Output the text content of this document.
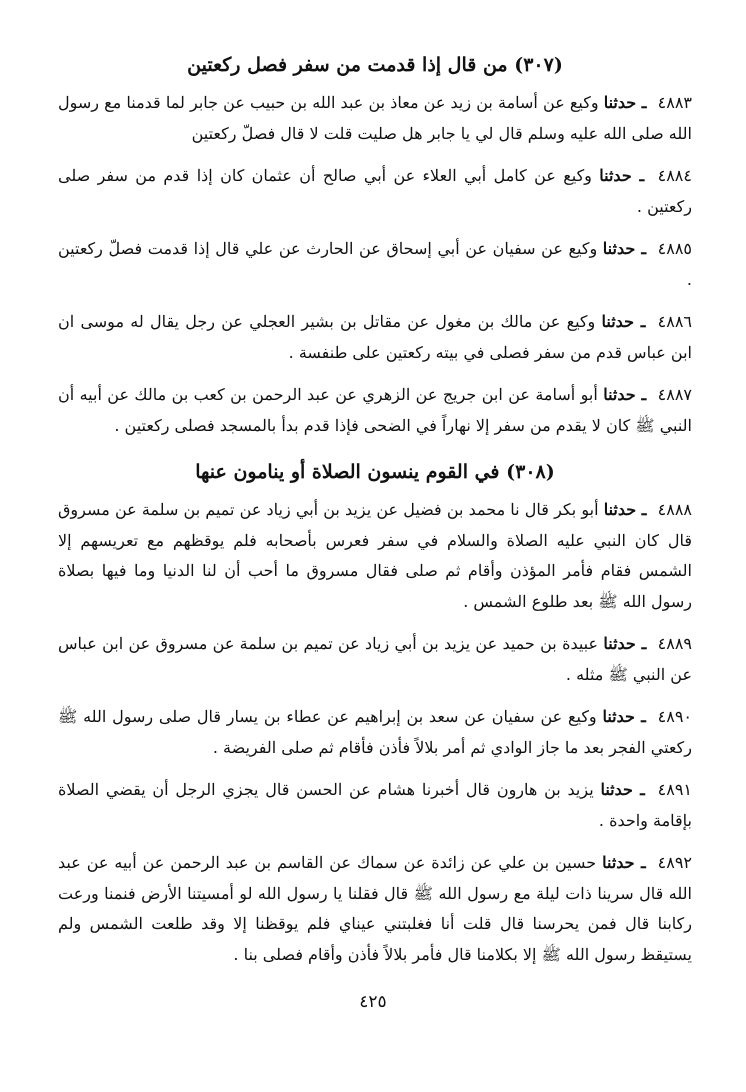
(٣٠٧) من قال إذا قدمت من سفر فصل ركعتين

٤٨٨٣ ـ حدثنا وكيع عن أسامة بن زيد عن معاذ بن عبد الله بن حبيب عن جابر لما قدمنا مع رسول الله صلى الله عليه وسلم قال لي يا جابر هل صليت قلت لا قال فصلّ ركعتين

٤٨٨٤ ـ حدثنا وكيع عن كامل أبي العلاء عن أبي صالح أن عثمان كان إذا قدم من سفر صلى ركعتين .

٤٨٨٥ ـ حدثنا وكيع عن سفيان عن أبي إسحاق عن الحارث عن علي قال إذا قدمت فصلّ ركعتين .

٤٨٨٦ ـ حدثنا وكيع عن مالك بن مغول عن مقاتل بن بشير العجلي عن رجل يقال له موسى ان ابن عباس قدم من سفر فصلى في بيته ركعتين على طنفسة .

٤٨٨٧ ـ حدثنا أبو أسامة عن ابن جريج عن الزهري عن عبد الرحمن بن كعب بن مالك عن أبيه أن النبي ﷺ كان لا يقدم من سفر إلا نهاراً في الضحى فإذا قدم بدأ بالمسجد فصلى ركعتين .

(٣٠٨) في القوم ينسون الصلاة أو ينامون عنها

٤٨٨٨ ـ حدثنا أبو بكر قال نا محمد بن فضيل عن يزيد بن أبي زياد عن تميم بن سلمة عن مسروق قال كان النبي عليه الصلاة والسلام في سفر فعرس بأصحابه فلم يوقظهم مع تعريسهم إلا الشمس فقام فأمر المؤذن وأقام ثم صلى فقال مسروق ما أحب أن لنا الدنيا وما فيها بصلاة رسول الله ﷺ بعد طلوع الشمس .

٤٨٨٩ ـ حدثنا عبيدة بن حميد عن يزيد بن أبي زياد عن تميم بن سلمة عن مسروق عن ابن عباس عن النبي ﷺ مثله .

٤٨٩٠ ـ حدثنا وكيع عن سفيان عن سعد بن إبراهيم عن عطاء بن يسار قال صلى رسول الله ﷺ ركعتي الفجر بعد ما جاز الوادي ثم أمر بلالاً فأذن فأقام ثم صلى الفريضة .

٤٨٩١ ـ حدثنا يزيد بن هارون قال أخبرنا هشام عن الحسن قال يجزي الرجل أن يقضي الصلاة بإقامة واحدة .

٤٨٩٢ ـ حدثنا حسين بن علي عن زائدة عن سماك عن القاسم بن عبد الرحمن عن أبيه عن عبد الله قال سرينا ذات ليلة مع رسول الله ﷺ قال فقلنا يا رسول الله لو أمسيتنا الأرض فنمنا ورعت ركابنا قال فمن يحرسنا قال قلت أنا فغلبتني عيناي فلم يوقظنا إلا وقد طلعت الشمس ولم يستيقظ رسول الله ﷺ إلا بكلامنا قال فأمر بلالاً فأذن وأقام فصلى بنا .

٤٢٥
